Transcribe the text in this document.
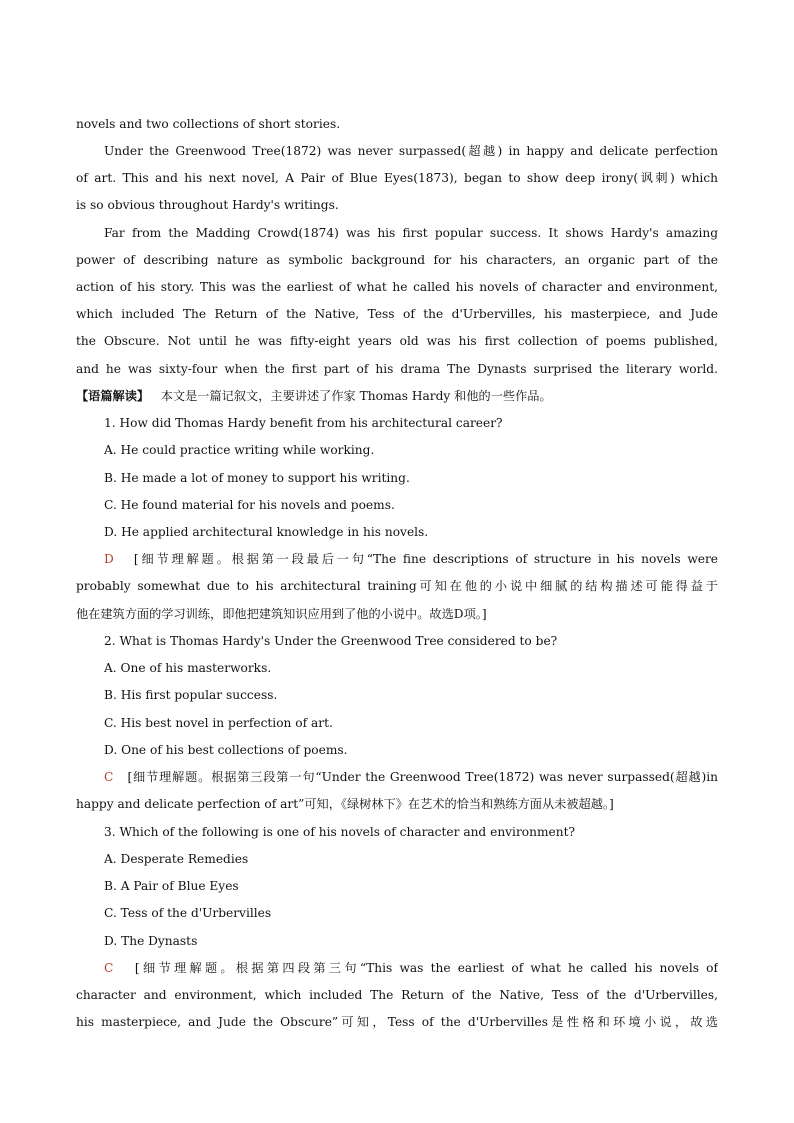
novels and two collections of short stories.
Under the Greenwood Tree(1872) was never surpassed(超越) in happy and delicate perfection
of art. This and his next novel, A Pair of Blue Eyes(1873), began to show deep irony(讽刺) which
is so obvious throughout Hardy's writings.
Far from the Madding Crowd(1874) was his first popular success. It shows Hardy's amazing
power of describing nature as symbolic background for his characters, an organic part of the
action of his story. This was the earliest of what he called his novels of character and environment,
which included The Return of the Native, Tess of the d'Urbervilles, his masterpiece, and Jude
the Obscure. Not until he was fifty-eight years old was his first collection of poems published,
and he was sixty-four when the first part of his drama The Dynasts surprised the literary world.
【语篇解读】 本文是一篇记叙文，主要讲述了作家 Thomas Hardy 和他的一些作品。
1. How did Thomas Hardy benefit from his architectural career?
A. He could practice writing while working.
B. He made a lot of money to support his writing.
C. He found material for his novels and poems.
D. He applied architectural knowledge in his novels.
D [细节理解题。根据第一段最后一句“The fine descriptions of structure in his novels were
probably somewhat due to his architectural training可知在他的小说中细腻的结构描述可能得益于
他在建筑方面的学习训练，即他把建筑知识应用到了他的小说中。故选D项。]
2. What is Thomas Hardy's Under the Greenwood Tree considered to be?
A. One of his masterworks.
B. His first popular success.
C. His best novel in perfection of art.
D. One of his best collections of poems.
C [细节理解题。根据第三段第一句“Under the Greenwood Tree(1872) was never surpassed(超越)in
happy and delicate perfection of art”可知，《绿树林下》在艺术的恰当和熟练方面从未被超越。]
3. Which of the following is one of his novels of character and environment?
A. Desperate Remedies
B. A Pair of Blue Eyes
C. Tess of the d'Urbervilles
D. The Dynasts
C [细节理解题。根据第四段第三句“This was the earliest of what he called his novels of
character and environment, which included The Return of the Native, Tess of the d'Urbervilles,
his masterpiece, and Jude the Obscure”可知，Tess of the d'Urbervilles是性格和环境小说，故选
